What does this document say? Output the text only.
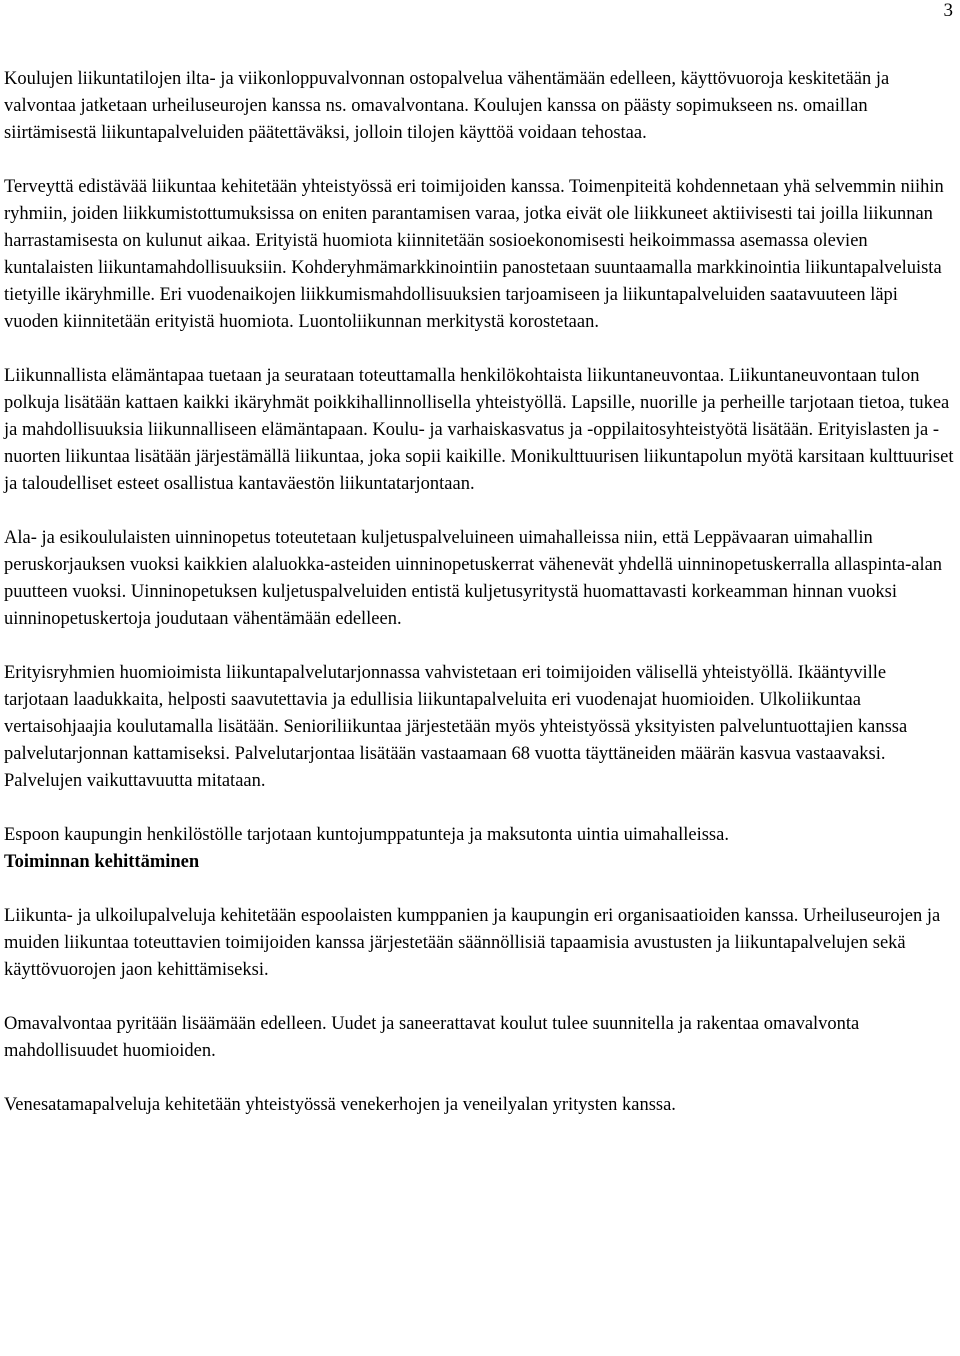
3

Koulujen liikuntatilojen ilta- ja viikonloppuvalvonnan ostopalvelua vähentämään edelleen, käyttövuoroja keskitetään ja valvontaa jatketaan urheiluseurojen kanssa ns. omavalvontana. Koulujen kanssa on päästy sopimukseen ns. omaillan siirtämisestä liikuntapalveluiden päätettäväksi, jolloin tilojen käyttöä voidaan tehostaa.

Terveyttä edistävää liikuntaa kehitetään yhteistyössä eri toimijoiden kanssa. Toimenpiteitä kohdennetaan yhä selvemmin niihin ryhmiin, joiden liikkumistottumuksissa on eniten parantamisen varaa, jotka eivät ole liikkuneet aktiivisesti tai joilla liikunnan harrastamisesta on kulunut aikaa. Erityistä huomiota kiinnitetään sosioekonomisesti heikoimmassa asemassa olevien kuntalaisten liikuntamahdollisuuksiin. Kohderyhmämarkkinointiin panostetaan suuntaamalla markkinointia liikuntapalveluista tietyille ikäryhmille. Eri vuodenaikojen liikkumismahdollisuuksien tarjoamiseen ja liikuntapalveluiden saatavuuteen läpi vuoden kiinnitetään erityistä huomiota. Luontoliikunnan merkitystä korostetaan.

Liikunnallista elämäntapaa tuetaan ja seurataan toteuttamalla henkilökohtaista liikuntaneuvontaa. Liikuntaneuvontaan tulon polkuja lisätään kattaen kaikki ikäryhmät poikkihallinnollisella yhteistyöllä. Lapsille, nuorille ja perheille tarjotaan tietoa, tukea ja mahdollisuuksia liikunnalliseen elämäntapaan. Koulu- ja varhaiskasvatus ja -oppilaitosyhteistyötä lisätään. Erityislasten ja -nuorten liikuntaa lisätään järjestämällä liikuntaa, joka sopii kaikille. Monikulttuurisen liikuntapolun myötä karsitaan kulttuuriset ja taloudelliset esteet osallistua kantaväestön liikuntatarjontaan.

Ala- ja esikoululaisten uinninopetus toteutetaan kuljetuspalveluineen uimahalleissa niin, että Leppävaaran uimahallin peruskorjauksen vuoksi kaikkien alaluokka-asteiden uinninopetuskerrat vähenevät yhdellä uinninopetuskerralla allaspinta-alan puutteen vuoksi. Uinninopetuksen kuljetuspalveluiden entistä kuljetusyritystä huomattavasti korkeamman hinnan vuoksi uinninopetuskertoja joudutaan vähentämään edelleen.

Erityisryhmien huomioimista liikuntapalvelutarjonnassa vahvistetaan eri toimijoiden välisellä yhteistyöllä. Ikääntyville tarjotaan laadukkaita, helposti saavutettavia ja edullisia liikuntapalveluita eri vuodenajat huomioiden. Ulkoliikuntaa vertaisohjaajia koulutamalla lisätään. Senioriliikuntaa järjestetään myös yhteistyössä yksityisten palveluntuottajien kanssa palvelutarjonnan kattamiseksi. Palvelutarjontaa lisätään vastaamaan 68 vuotta täyttäneiden määrän kasvua vastaavaksi. Palvelujen vaikuttavuutta mitataan.

Espoon kaupungin henkilöstölle tarjotaan kuntojumppatunteja ja maksutonta uintia uimahalleissa.

Toiminnan kehittäminen

Liikunta- ja ulkoilupalveluja kehitetään espoolaisten kumppanien ja kaupungin eri organisaatioiden kanssa. Urheiluseurojen ja muiden liikuntaa toteuttavien toimijoiden kanssa järjestetään säännöllisiä tapaamisia avustusten ja liikuntapalvelujen sekä käyttövuorojen jaon kehittämiseksi.

Omavalvontaa pyritään lisäämään edelleen. Uudet ja saneerattavat koulut tulee suunnitella ja rakentaa omavalvonta mahdollisuudet huomioiden.

Venesatamapalveluja kehitetään yhteistyössä venekerhojen ja veneilyalan yritysten kanssa.
